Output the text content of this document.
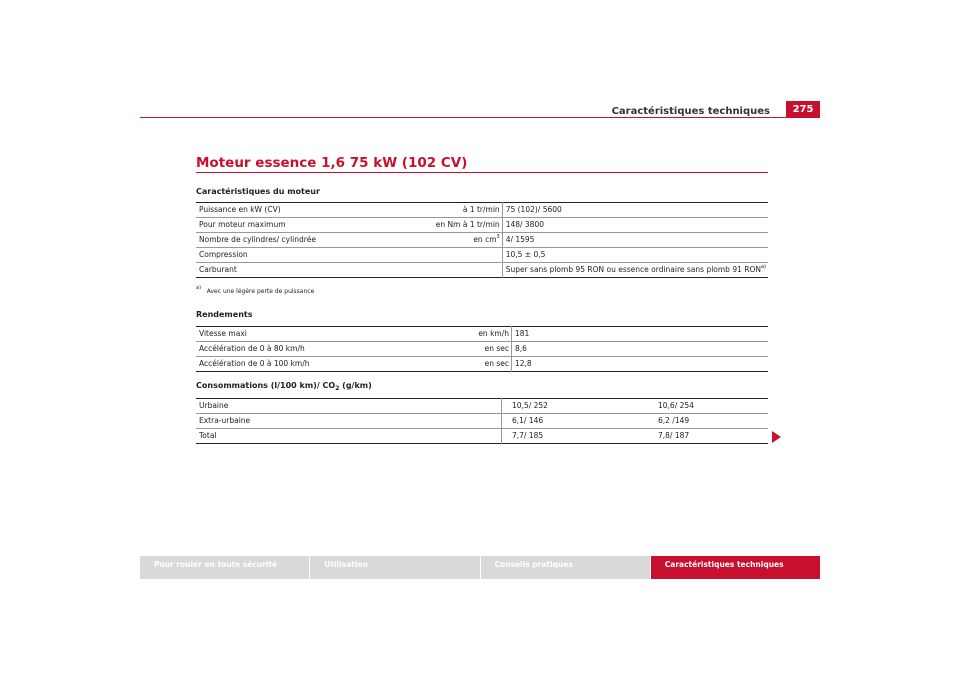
Caractéristiques techniques	275
Moteur essence 1,6 75 kW (102 CV)
Caractéristiques du moteur
Puissance en kW (CV)	à 1 tr/min	75 (102)/ 5600
Pour moteur maximum	en Nm à 1 tr/min	148/ 3800
Nombre de cylindres/ cylindrée	en $cm^3$	4/ 1595
Compression		10,5 ± 0,5
Carburant		Super sans plomb 95 RON ou essence ordinaire sans plomb 91 RON$^{a)}$
$^{a)}$ Avec une légère perte de puissance
Rendements
Vitesse maxi	en km/h	181
Accélération de 0 à 80 km/h	en sec	8,6
Accélération de 0 à 100 km/h	en sec	12,8
Consommations (l/100 km)/ $CO_2$ (g/km)
Urbaine	10,5/ 252	10,6/ 254
Extra-urbaine	6,1/ 146	6,2 /149
Total	7,7/ 185	7,8/ 187
Pour rouler en toute sécurité	Utilisation	Conseils pratiques	Caractéristiques techniques
